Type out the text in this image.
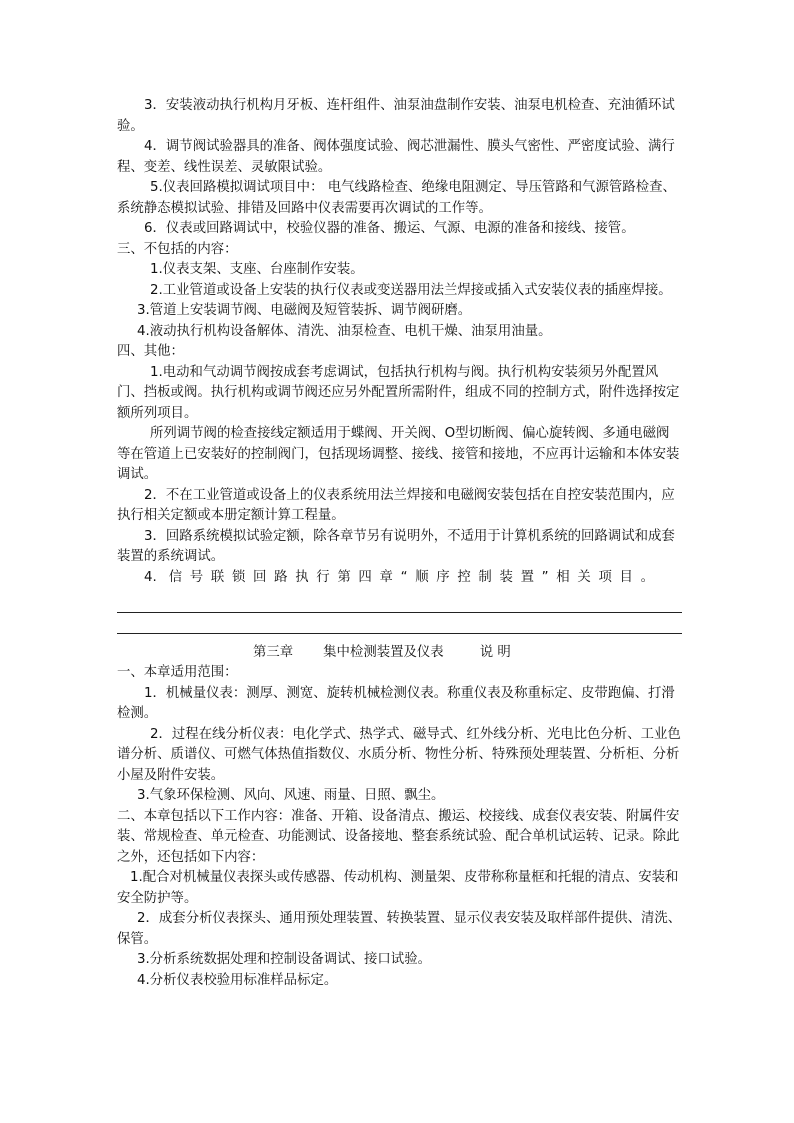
3．安装液动执行机构月牙板、连杆组件、油泵油盘制作安装、油泵电机检查、充油循环试验。

4．调节阀试验器具的准备、阀体强度试验、阀芯泄漏性、膜头气密性、严密度试验、满行程、变差、线性误差、灵敏限试验。

5.仪表回路模拟调试项目中： 电气线路检查、绝缘电阻测定、导压管路和气源管路检查、系统静态模拟试验、排错及回路中仪表需要再次调试的工作等。

6．仪表或回路调试中，校验仪器的准备、搬运、气源、电源的准备和接线、接管。

三、不包括的内容：

1.仪表支架、支座、台座制作安装。

2.工业管道或设备上安装的执行仪表或变送器用法兰焊接或插入式安装仪表的插座焊接。

3.管道上安装调节阀、电磁阀及短管装拆、调节阀研磨。

4.液动执行机构设备解体、清洗、油泵检查、电机干燥、油泵用油量。

四、其他：

1.电动和气动调节阀按成套考虑调试，包括执行机构与阀。执行机构安装须另外配置风门、挡板或阀。执行机构或调节阀还应另外配置所需附件，组成不同的控制方式，附件选择按定额所列项目。

所列调节阀的检查接线定额适用于蝶阀、开关阀、O型切断阀、偏心旋转阀、多通电磁阀等在管道上已安装好的控制阀门，包括现场调整、接线、接管和接地，不应再计运输和本体安装调试。

2．不在工业管道或设备上的仪表系统用法兰焊接和电磁阀安装包括在自控安装范围内，应执行相关定额或本册定额计算工程量。

3．回路系统模拟试验定额，除各章节另有说明外，不适用于计算机系统的回路调试和成套装置的系统调试。

4. 信号联锁回路执行第四章“顺序控制装置”相关项目。

第三章 集中检测装置及仪表	说 明

一、本章适用范围：

1．机械量仪表：测厚、测宽、旋转机械检测仪表。称重仪表及称重标定、皮带跑偏、打滑检测。

2．过程在线分析仪表：电化学式、热学式、磁导式、红外线分析、光电比色分析、工业色谱分析、质谱仪、可燃气体热值指数仪、水质分析、物性分析、特殊预处理装置、分析柜、分析小屋及附件安装。

3.气象环保检测、风向、风速、雨量、日照、飘尘。

二、本章包括以下工作内容：准备、开箱、设备清点、搬运、校接线、成套仪表安装、附属件安装、常规检查、单元检查、功能测试、设备接地、整套系统试验、配合单机试运转、记录。除此之外，还包括如下内容：

1.配合对机械量仪表探头或传感器、传动机构、测量架、皮带称称量框和托辊的清点、安装和安全防护等。

2．成套分析仪表探头、通用预处理装置、转换装置、显示仪表安装及取样部件提供、清洗、保管。

3.分析系统数据处理和控制设备调试、接口试验。

4.分析仪表校验用标准样品标定。
